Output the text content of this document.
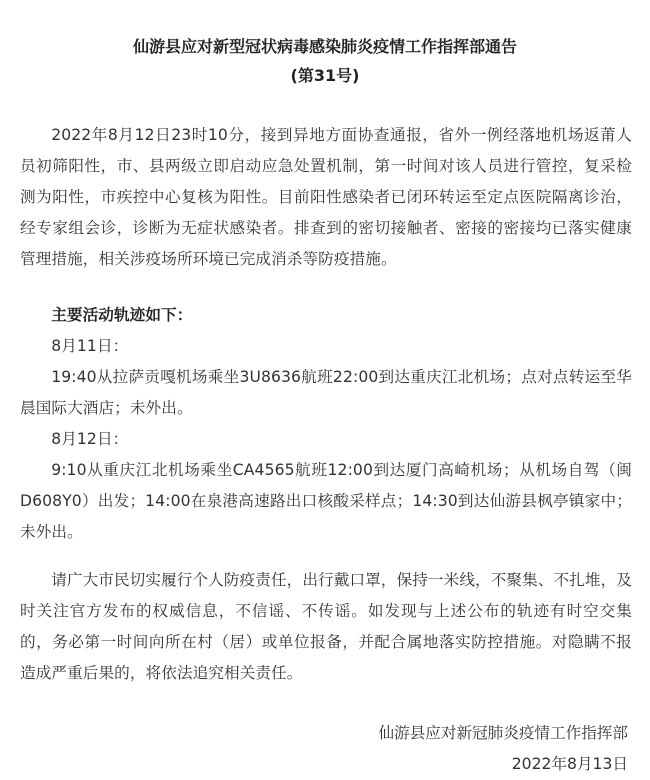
仙游县应对新型冠状病毒感染肺炎疫情工作指挥部通告
(第31号)

2022年8月12日23时10分，接到异地方面协查通报，省外一例经落地机场返莆人员初筛阳性，市、县两级立即启动应急处置机制，第一时间对该人员进行管控，复采检测为阳性，市疾控中心复核为阳性。目前阳性感染者已闭环转运至定点医院隔离诊治，经专家组会诊，诊断为无症状感染者。排查到的密切接触者、密接的密接均已落实健康管理措施，相关涉疫场所环境已完成消杀等防疫措施。

主要活动轨迹如下：

8月11日：

19:40从拉萨贡嘎机场乘坐3U8636航班22:00到达重庆江北机场；点对点转运至华晨国际大酒店；未外出。

8月12日：

9:10从重庆江北机场乘坐CA4565航班12:00到达厦门高崎机场；从机场自驾（闽D608Y0）出发；14:00在泉港高速路出口核酸采样点；14:30到达仙游县枫亭镇家中；未外出。

请广大市民切实履行个人防疫责任，出行戴口罩，保持一米线，不聚集、不扎堆，及时关注官方发布的权威信息，不信谣、不传谣。如发现与上述公布的轨迹有时空交集的，务必第一时间向所在村（居）或单位报备，并配合属地落实防控措施。对隐瞒不报造成严重后果的，将依法追究相关责任。

仙游县应对新冠肺炎疫情工作指挥部
2022年8月13日
